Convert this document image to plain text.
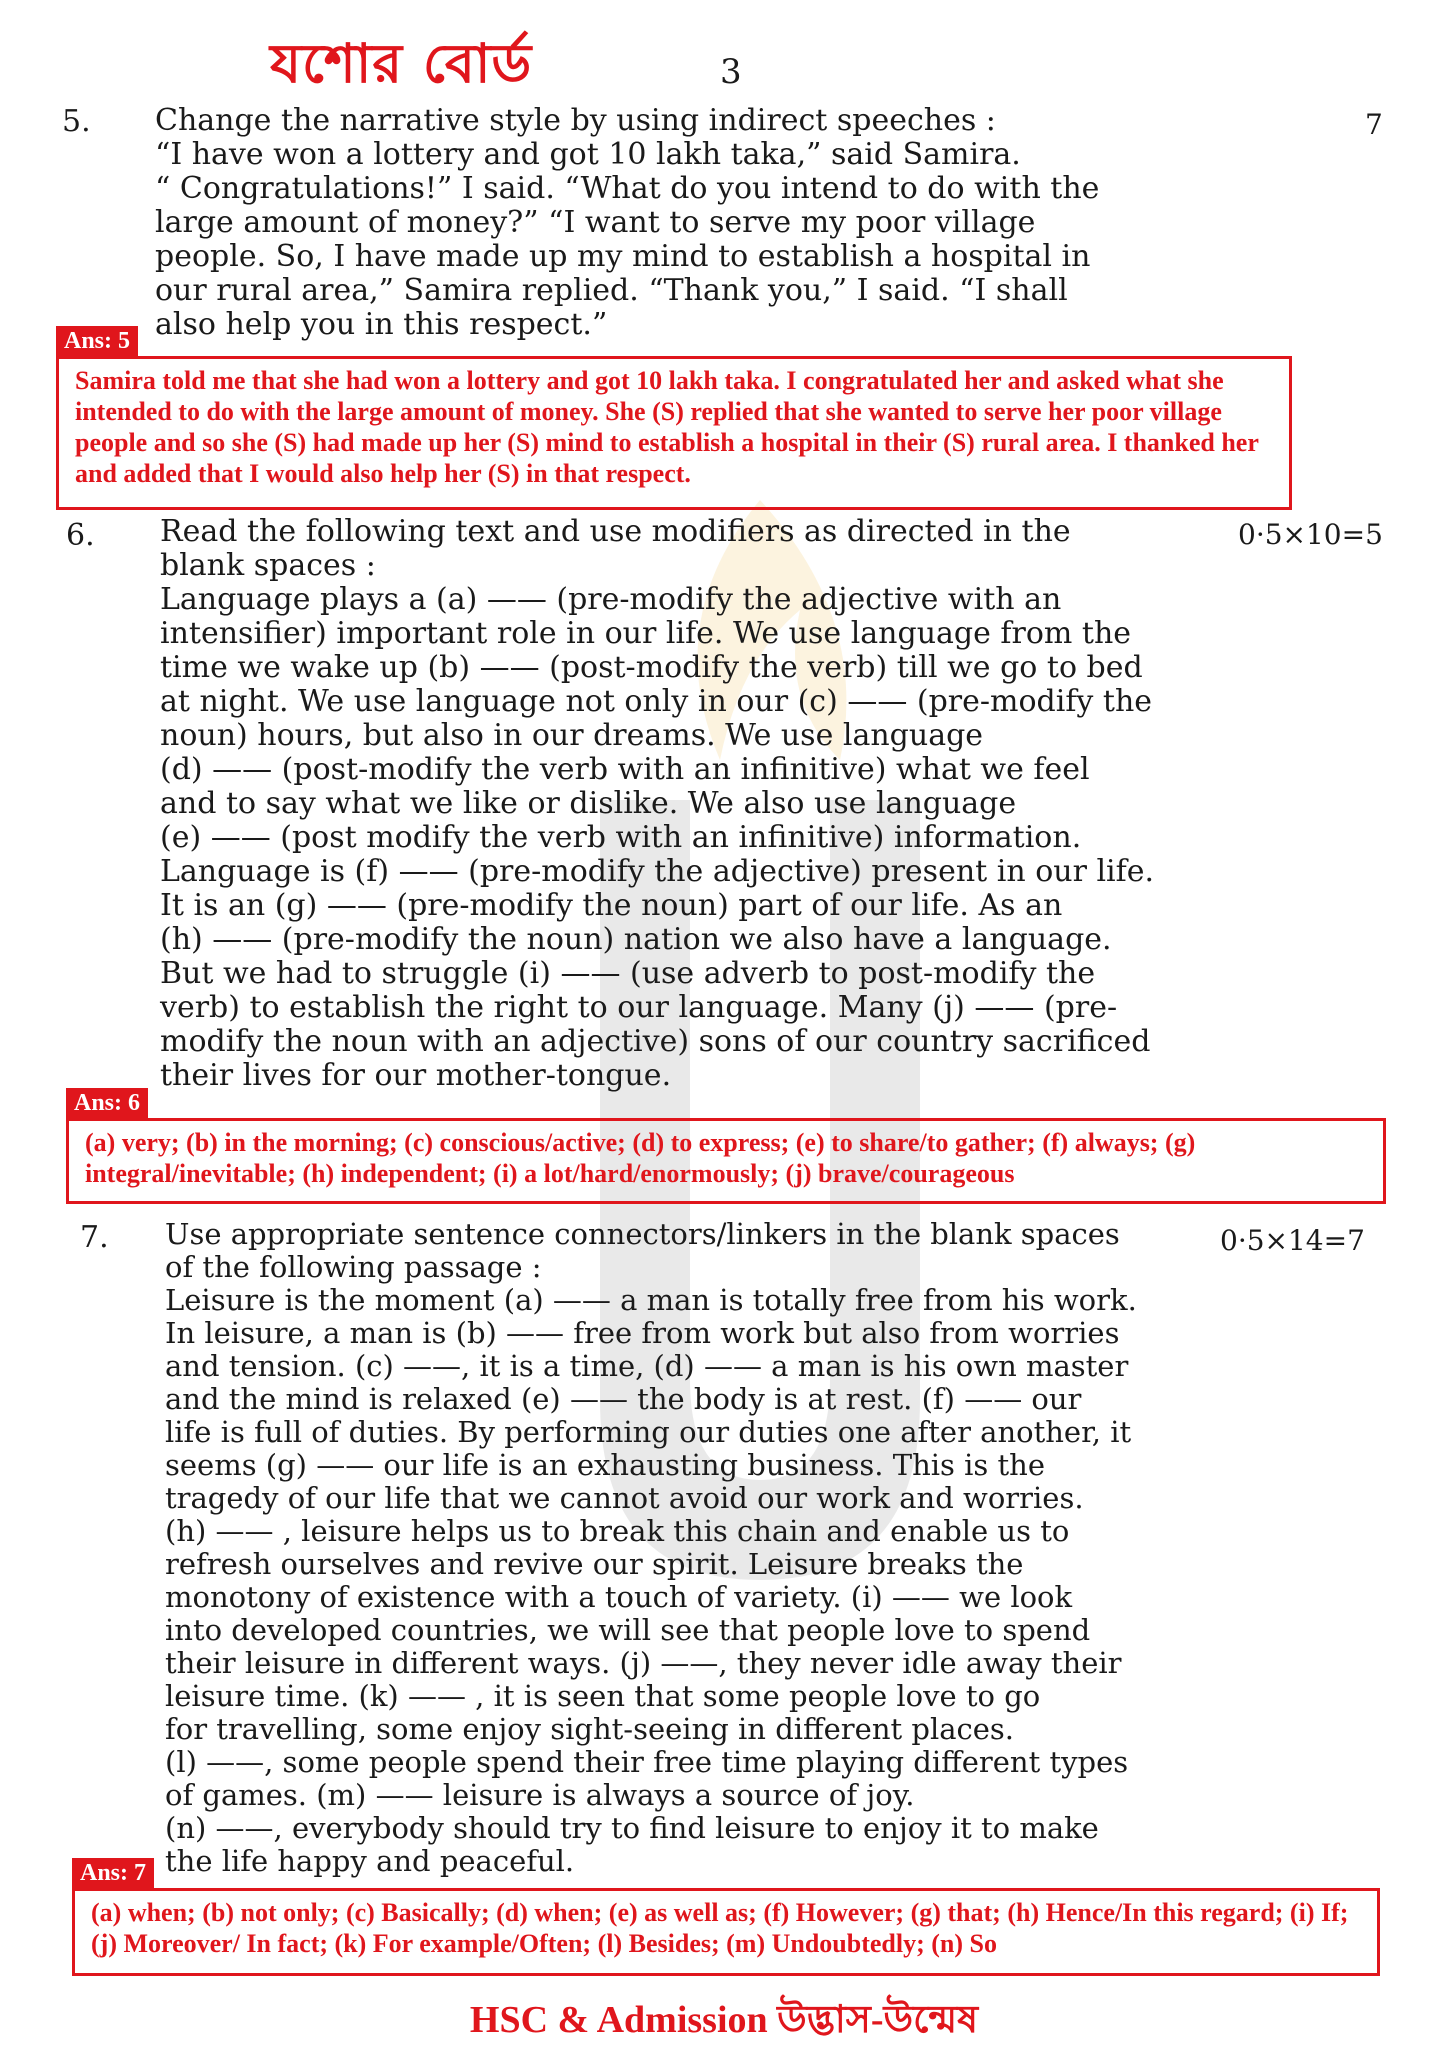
যশোর বোর্ড	3
5.	7
Change the narrative style by using indirect speeches :
“I have won a lottery and got 10 lakh taka,” said Samira.
“ Congratulations!” I said. “What do you intend to do with the
large amount of money?” “I want to serve my poor village
people. So, I have made up my mind to establish a hospital in
our rural area,” Samira replied. “Thank you,” I said. “I shall
also help you in this respect.”
Ans: 5
Samira told me that she had won a lottery and got 10 lakh taka. I congratulated her and asked what she intended to do with the large amount of money. She (S) replied that she wanted to serve her poor village people and so she (S) had made up her (S) mind to establish a hospital in their (S) rural area. I thanked her and added that I would also help her (S) in that respect.
6.	0·5×10=5
Read the following text and use modifiers as directed in the
blank spaces :
Language plays a (a) —— (pre-modify the adjective with an
intensifier) important role in our life. We use language from the
time we wake up (b) —— (post-modify the verb) till we go to bed
at night. We use language not only in our (c) —— (pre-modify the
noun) hours, but also in our dreams. We use language
(d) —— (post-modify the verb with an infinitive) what we feel
and to say what we like or dislike. We also use language
(e) —— (post modify the verb with an infinitive) information.
Language is (f) —— (pre-modify the adjective) present in our life.
It is an (g) —— (pre-modify the noun) part of our life. As an
(h) —— (pre-modify the noun) nation we also have a language.
But we had to struggle (i) —— (use adverb to post-modify the
verb) to establish the right to our language. Many (j) —— (pre-
modify the noun with an adjective) sons of our country sacrificed
their lives for our mother-tongue.
Ans: 6
(a) very; (b) in the morning; (c) conscious/active; (d) to express; (e) to share/to gather; (f) always; (g) integral/inevitable; (h) independent; (i) a lot/hard/enormously; (j) brave/courageous
7.	0·5×14=7
Use appropriate sentence connectors/linkers in the blank spaces
of the following passage :
Leisure is the moment (a) —— a man is totally free from his work.
In leisure, a man is (b) —— free from work but also from worries
and tension. (c) ——, it is a time, (d) —— a man is his own master
and the mind is relaxed (e) —— the body is at rest. (f) —— our
life is full of duties. By performing our duties one after another, it
seems (g) —— our life is an exhausting business. This is the
tragedy of our life that we cannot avoid our work and worries.
(h) —— , leisure helps us to break this chain and enable us to
refresh ourselves and revive our spirit. Leisure breaks the
monotony of existence with a touch of variety. (i) —— we look
into developed countries, we will see that people love to spend
their leisure in different ways. (j) ——, they never idle away their
leisure time. (k) —— , it is seen that some people love to go
for travelling, some enjoy sight-seeing in different places.
(l) ——, some people spend their free time playing different types
of games. (m) —— leisure is always a source of joy.
(n) ——, everybody should try to find leisure to enjoy it to make
the life happy and peaceful.
Ans: 7
(a) when; (b) not only; (c) Basically; (d) when; (e) as well as; (f) However; (g) that; (h) Hence/In this regard; (i) If; (j) Moreover/ In fact; (k) For example/Often; (l) Besides; (m) Undoubtedly; (n) So
HSC & Admission উদ্ভাস-উন্মেষ
